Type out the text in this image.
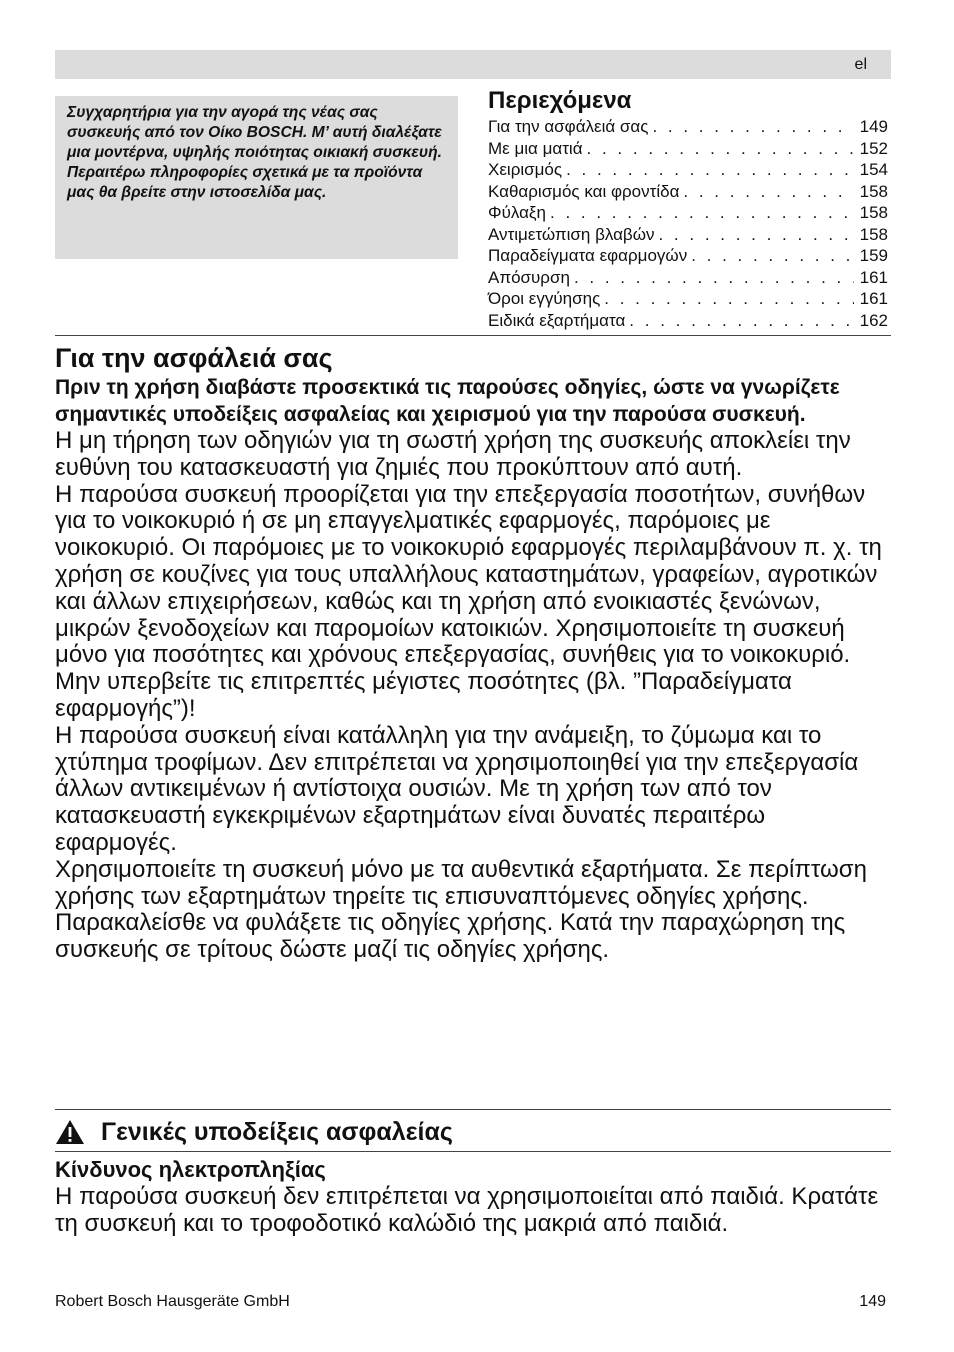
el

Συγχαρητήρια για την αγορά της νέας σας συσκευής από τον Οίκο BOSCH. Μ’ αυτή διαλέξατε μια μοντέρνα, υψηλής ποιότητας οικιακή συσκευή. Περαιτέρω πληροφορίες σχετικά με τα προϊόντα μας θα βρείτε στην ιστοσελίδα μας.

Περιεχόμενα
Για την ασφάλειά σας . . .	149
Με μια ματιά . . .	152
Χειρισμός . . .	154
Καθαρισμός και φροντίδα . . .	158
Φύλαξη . . .	158
Αντιμετώπιση βλαβών . . .	158
Παραδείγματα εφαρμογών . . .	159
Απόσυρση . . .	161
Όροι εγγύησης . . .	161
Ειδικά εξαρτήματα . . .	162
Για την ασφάλειά σας

Πριν τη χρήση διαβάστε προσεκτικά τις παρούσες οδηγίες, ώστε να γνωρίζετε σημαντικές υποδείξεις ασφαλείας και χειρισμού για την παρούσα συσκευή.

Η μη τήρηση των οδηγιών για τη σωστή χρήση της συσκευής αποκλείει την ευθύνη του κατασκευαστή για ζημιές που προκύπτουν από αυτή.

Η παρούσα συσκευή προορίζεται για την επεξεργασία ποσοτήτων, συνήθων για το νοικοκυριό ή σε μη επαγγελματικές εφαρμογές, παρόμοιες με νοικοκυριό. Οι παρόμοιες με το νοικοκυριό εφαρμογές περιλαμβάνουν π. χ. τη χρήση σε κουζίνες για τους υπαλλήλους καταστημάτων, γραφείων, αγροτικών και άλλων επιχειρήσεων, καθώς και τη χρήση από ενοικιαστές ξενώνων, μικρών ξενοδοχείων και παρομοίων κατοικιών. Χρησιμοποιείτε τη συσκευή μόνο για ποσότητες και χρόνους επεξεργασίας, συνήθεις για το νοικοκυριό. Μην υπερβείτε τις επιτρεπτές μέγιστες ποσότητες (βλ. ”Παραδείγματα εφαρμογής”)!

Η παρούσα συσκευή είναι κατάλληλη για την ανάμειξη, το ζύμωμα και το χτύπημα τροφίμων. Δεν επιτρέπεται να χρησιμοποιηθεί για την επεξεργασία άλλων αντικειμένων ή αντίστοιχα ουσιών. Με τη χρήση των από τον κατασκευαστή εγκεκριμένων εξαρτημάτων είναι δυνατές περαιτέρω εφαρμογές.

Χρησιμοποιείτε τη συσκευή μόνο με τα αυθεντικά εξαρτήματα. Σε περίπτωση χρήσης των εξαρτημάτων τηρείτε τις επισυναπτόμενες οδηγίες χρήσης.

Παρακαλείσθε να φυλάξετε τις οδηγίες χρήσης. Κατά την παραχώρηση της συσκευής σε τρίτους δώστε μαζί τις οδηγίες χρήσης.

Γενικές υποδείξεις ασφαλείας
Κίνδυνος ηλεκτροπληξίας

Η παρούσα συσκευή δεν επιτρέπεται να χρησιμοποιείται από παιδιά. Κρατάτε τη συσκευή και το τροφοδοτικό καλώδιό της μακριά από παιδιά.

Robert Bosch Hausgeräte GmbH	149
